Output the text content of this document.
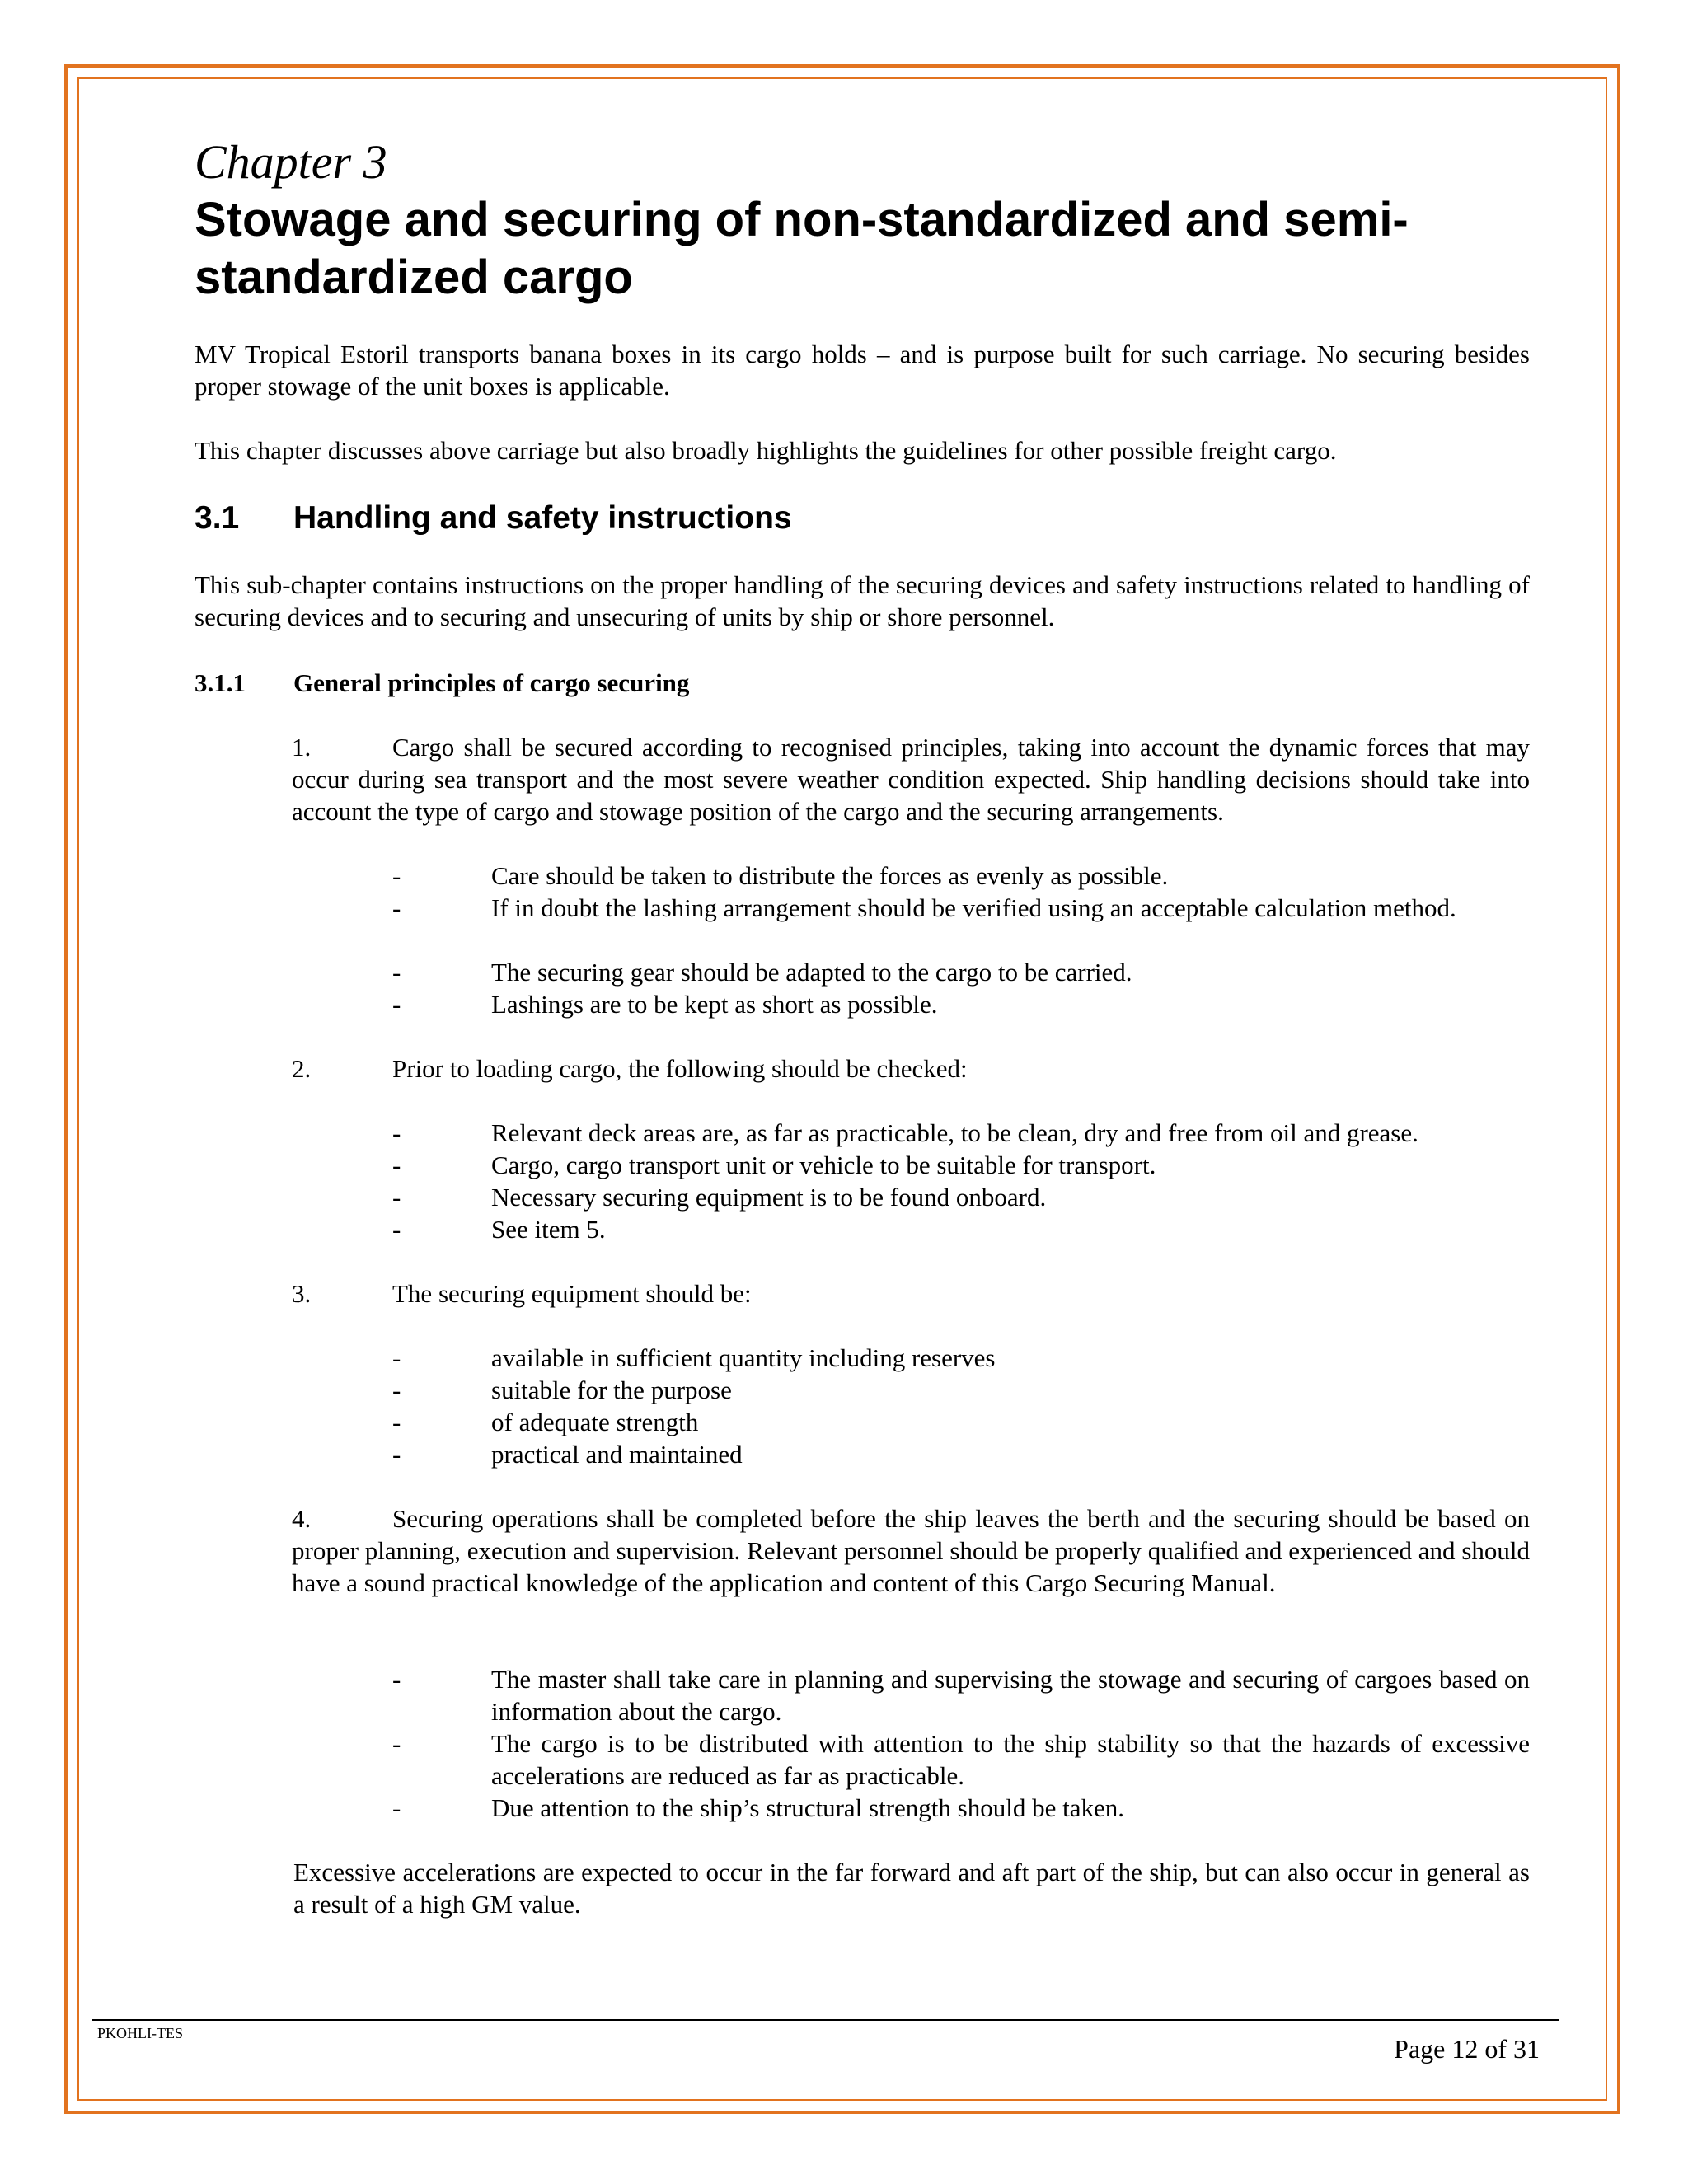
Chapter 3
Stowage and securing of non-standardized and semi-
standardized cargo

MV Tropical Estoril transports banana boxes in its cargo holds – and is purpose built for such carriage. No securing besides proper stowage of the unit boxes is applicable.

This chapter discusses above carriage but also broadly highlights the guidelines for other possible freight cargo.

3.1 Handling and safety instructions

This sub-chapter contains instructions on the proper handling of the securing devices and safety instructions related to handling of securing devices and to securing and unsecuring of units by ship or shore personnel.

3.1.1 General principles of cargo securing
1.	Cargo shall be secured according to recognised principles, taking into account the dynamic forces that may occur during sea transport and the most severe weather condition expected. Ship handling decisions should take into account the type of cargo and stowage position of the cargo and the securing arrangements.

-	Care should be taken to distribute the forces as evenly as possible.

-	If in doubt the lashing arrangement should be verified using an acceptable calculation method.

-	The securing gear should be adapted to the cargo to be carried.

-	Lashings are to be kept as short as possible.

2.	Prior to loading cargo, the following should be checked:
-	Relevant deck areas are, as far as practicable, to be clean, dry and free from oil and grease.

-	Cargo, cargo transport unit or vehicle to be suitable for transport.

-	Necessary securing equipment is to be found onboard.

-	See item 5.

3.	The securing equipment should be:
-	available in sufficient quantity including reserves

-	suitable for the purpose

-	of adequate strength

-	practical and maintained

4.	Securing operations shall be completed before the ship leaves the berth and the securing should be based on proper planning, execution and supervision. Relevant personnel should be properly qualified and experienced and should have a sound practical knowledge of the application and content of this Cargo Securing Manual.

-	The master shall take care in planning and supervising the stowage and securing of cargoes based on information about the cargo.

-	The cargo is to be distributed with attention to the ship stability so that the hazards of excessive accelerations are reduced as far as practicable.

-	Due attention to the ship’s structural strength should be taken.

Excessive accelerations are expected to occur in the far forward and aft part of the ship, but can also occur in general as a result of a high GM value.

PKOHLI-TES
Page 12 of 31
